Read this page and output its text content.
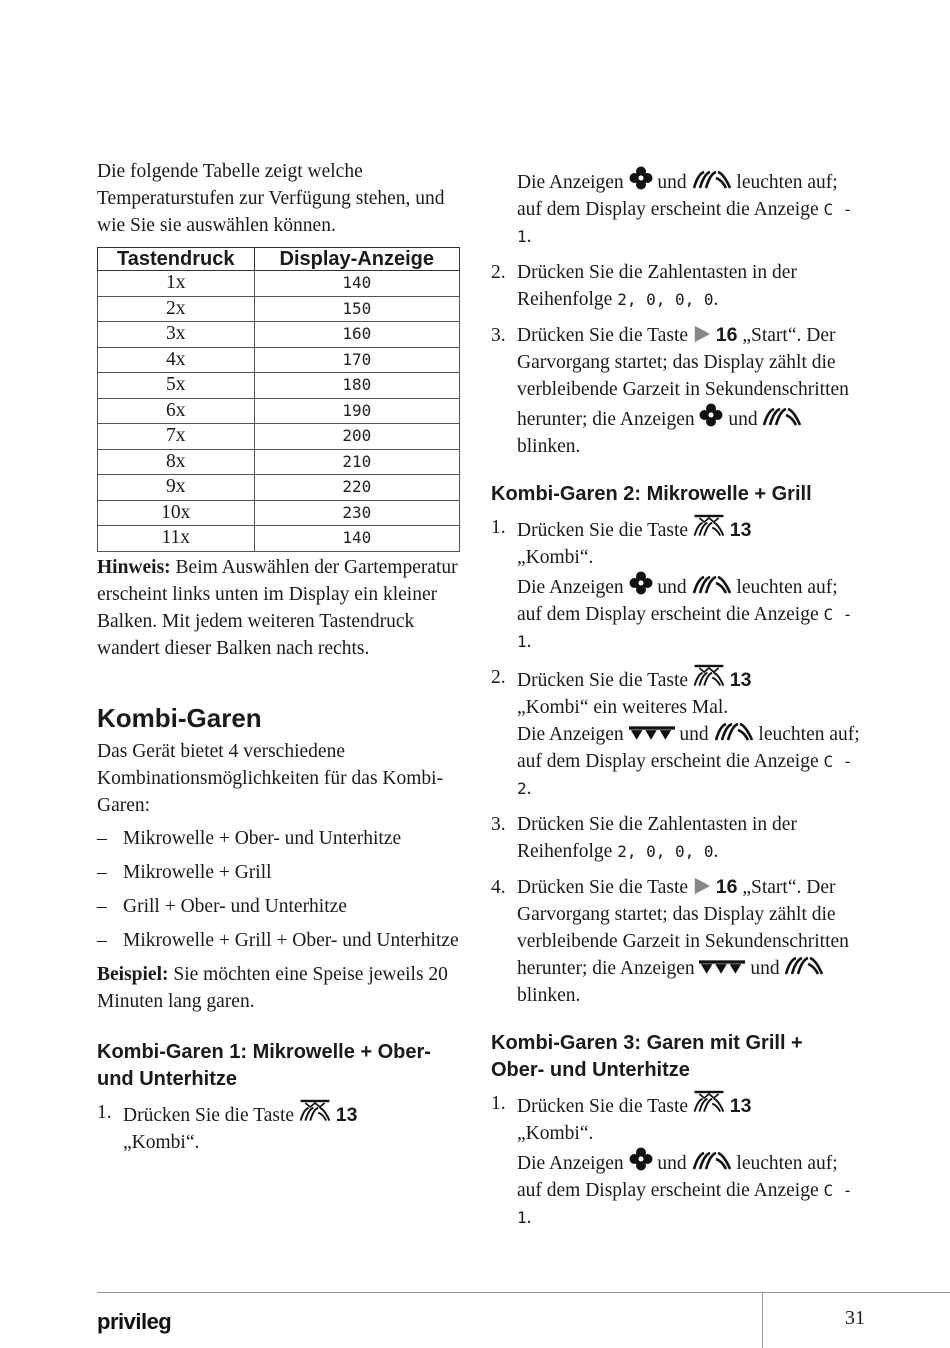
Die folgende Tabelle zeigt welche Temperaturstufen zur Verfügung stehen, und wie Sie sie auswählen können.

Tastendruck	Display-Anzeige
1x	140
2x	150
3x	160
4x	170
5x	180
6x	190
7x	200
8x	210
9x	220
10x	230
11x	140

Hinweis: Beim Auswählen der Gartemperatur erscheint links unten im Display ein kleiner Balken. Mit jedem weiteren Tastendruck wandert dieser Balken nach rechts.

Kombi-Garen

Das Gerät bietet 4 verschiedene Kombinationsmöglichkeiten für das Kombi-Garen:

– Mikrowelle + Ober- und Unterhitze
– Mikrowelle + Grill
– Grill + Ober- und Unterhitze
– Mikrowelle + Grill + Ober- und Unterhitze

Beispiel: Sie möchten eine Speise jeweils 20 Minuten lang garen.

Kombi-Garen 1: Mikrowelle + Ober- und Unterhitze
1. Drücken Sie die Taste  13
„Kombi“.
Die Anzeigen  und  leuchten auf; auf dem Display erscheint die Anzeige C - 1.
2. Drücken Sie die Zahlentasten in der Reihenfolge 2, 0, 0, 0.
3. Drücken Sie die Taste  16 „Start“. Der Garvorgang startet; das Display zählt die verbleibende Garzeit in Sekundenschritten herunter; die Anzeigen  und  blinken.
Kombi-Garen 2: Mikrowelle + Grill
1. Drücken Sie die Taste  13
„Kombi“.
Die Anzeigen  und  leuchten auf; auf dem Display erscheint die Anzeige C - 1.
2. Drücken Sie die Taste  13
„Kombi“ ein weiteres Mal.
Die Anzeigen  und  leuchten auf; auf dem Display erscheint die Anzeige C - 2.
3. Drücken Sie die Zahlentasten in der Reihenfolge 2, 0, 0, 0.
4. Drücken Sie die Taste  16 „Start“. Der Garvorgang startet; das Display zählt die verbleibende Garzeit in Sekundenschritten herunter; die Anzeigen  und  blinken.
Kombi-Garen 3: Garen mit Grill + Ober- und Unterhitze
1. Drücken Sie die Taste  13
„Kombi“.
Die Anzeigen  und  leuchten auf; auf dem Display erscheint die Anzeige C - 1.
privileg	31
